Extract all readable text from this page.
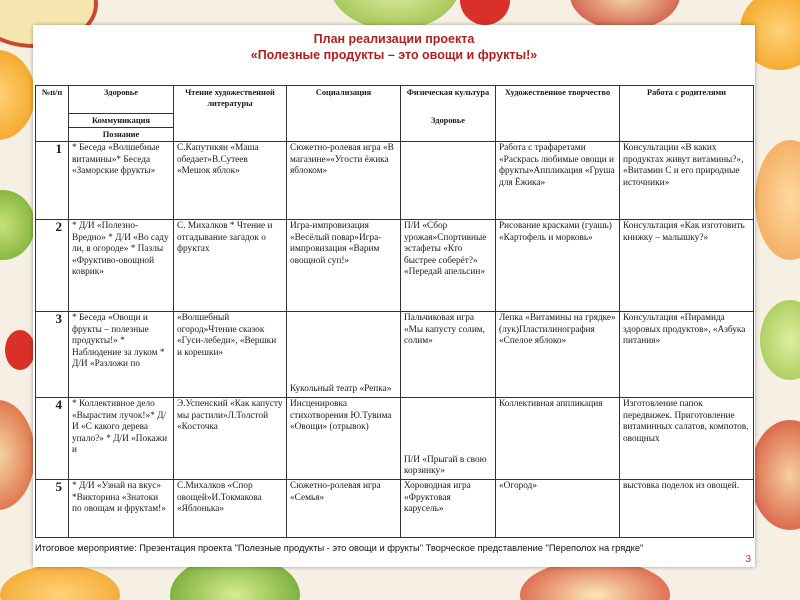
План реализации проекта
«Полезные продукты – это овощи и фрукты!»
№п/п	Здоровье	Чтение художественной литературы	Социализация	Физическая культура	Художественное творчество	Работа с родителями
	Коммуникация			Здоровье		
	Познание					
1	* Беседа «Волшебные витамины»* Беседа «Заморские фрукты»	С.Капутикян «Маша обедает»В.Сутеев «Мешок яблок»	Сюжетно-ролевая игра «В магазине»«Угости ёжика яблоком»		Работа с трафаретами «Раскрась любимые овощи и фрукты»Аппликация «Груша для Ёжика»	Консультации «В каких продуктах живут витамины?», «Витамин С и его природные источники»
2	* Д/И «Полезно-Вредно» * Д/И «Во саду ли, в огороде» * Пазлы «Фруктиво-овощной коврик»	С. Михалков * Чтение и отгадывание загадок о фруктах	Игра-импровизация «Весёлый повар»Игра-импровизация «Варим овощной суп!»	П/И «Сбор урожая»Спортивные эстафеты «Кто быстрее соберёт?» «Передай апельсин»	Рисование красками (гуашь) «Картофель и морковь»	Консультация «Как изготовить книжку – малышку?»
3	* Беседа «Овощи и фрукты – полезные продукты!» * Наблюдение за луком * Д/И «Разложи по	«Волшебный огород»Чтение сказок «Гуси-лебеди», «Вершки и корешки»	Кукольный театр «Репка»	Пальчиковая игра «Мы капусту солим, солим»	Лепка «Витамины на грядке» (лук)Пластилинография «Спелое яблоко»	Консультация «Пирамида здоровых продуктов», «Азбука питания»
4	* Коллективное дело «Вырастим лучок!»* Д/И «С какого дерева упало?» * Д/И «Покажи и	Э.Успенский «Как капусту мы растили»Л.Толстой «Косточка	Инсценировка стихотворения Ю.Тувима «Овощи» (отрывок)	П/И «Прыгай в свою корзинку»	Коллективная аппликация	Изготовление папок передвижек. Приготовление витаминных салатов, компотов, овощных
5	* Д/И «Узнай на вкус» *Викторина «Знатоки по овощам и фруктам!»	С.Михалков «Спор овощей»И.Токмакова «Яблонька»	Сюжетно-ролевая игра «Семья»	Хороводная игра «Фруктовая карусель»	«Огород»	выстовка поделок из овощей.
Итоговое мероприятие: Презентация проекта "Полезные продукты - это овощи и фрукты" Творческое представление "Переполох на грядке"
3
